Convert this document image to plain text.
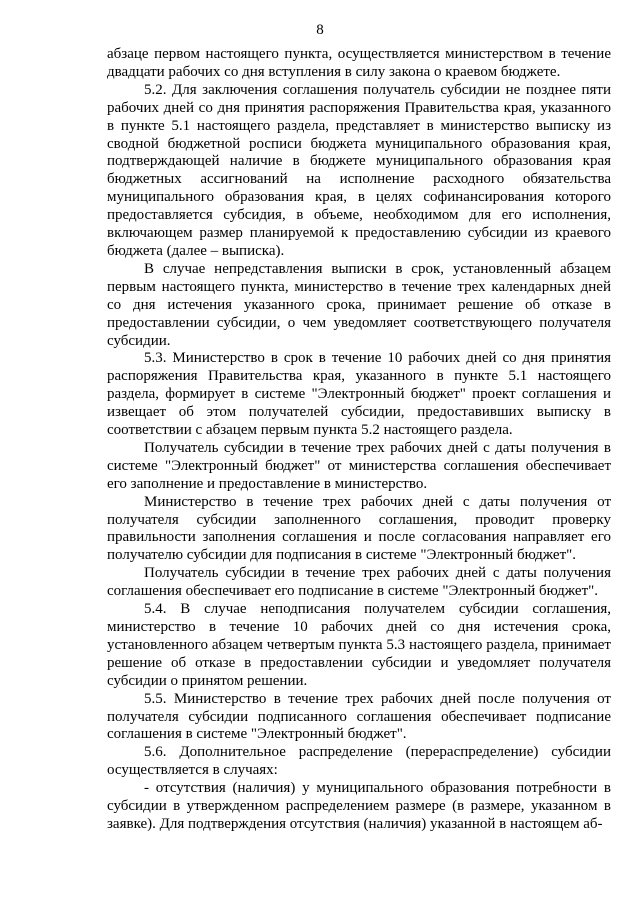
8

абзаце первом настоящего пункта, осуществляется министерством в течение двадцати рабочих со дня вступления в силу закона о краевом бюджете.

5.2. Для заключения соглашения получатель субсидии не позднее пяти рабочих дней со дня принятия распоряжения Правительства края, указанного в пункте 5.1 настоящего раздела, представляет в министерство выписку из сводной бюджетной росписи бюджета муниципального образования края, подтверждающей наличие в бюджете муниципального образования края бюджетных ассигнований на исполнение расходного обязательства муниципального образования края, в целях софинансирования которого предоставляется субсидия, в объеме, необходимом для его исполнения, включающем размер планируемой к предоставлению субсидии из краевого бюджета (далее – выписка).

В случае непредставления выписки в срок, установленный абзацем первым настоящего пункта, министерство в течение трех календарных дней со дня истечения указанного срока, принимает решение об отказе в предоставлении субсидии, о чем уведомляет соответствующего получателя субсидии.

5.3. Министерство в срок в течение 10 рабочих дней со дня принятия распоряжения Правительства края, указанного в пункте 5.1 настоящего раздела, формирует в системе "Электронный бюджет" проект соглашения и извещает об этом получателей субсидии, предоставивших выписку в соответствии с абзацем первым пункта 5.2 настоящего раздела.

Получатель субсидии в течение трех рабочих дней с даты получения в системе "Электронный бюджет" от министерства соглашения обеспечивает его заполнение и предоставление в министерство.

Министерство в течение трех рабочих дней с даты получения от получателя субсидии заполненного соглашения, проводит проверку правильности заполнения соглашения и после согласования направляет его получателю субсидии для подписания в системе "Электронный бюджет".

Получатель субсидии в течение трех рабочих дней с даты получения соглашения обеспечивает его подписание в системе "Электронный бюджет".

5.4. В случае неподписания получателем субсидии соглашения, министерство в течение 10 рабочих дней со дня истечения срока, установленного абзацем четвертым пункта 5.3 настоящего раздела, принимает решение об отказе в предоставлении субсидии и уведомляет получателя субсидии о принятом решении.

5.5. Министерство в течение трех рабочих дней после получения от получателя субсидии подписанного соглашения обеспечивает подписание соглашения в системе "Электронный бюджет".

5.6. Дополнительное распределение (перераспределение) субсидии осуществляется в случаях:

- отсутствия (наличия) у муниципального образования потребности в субсидии в утвержденном распределением размере (в размере, указанном в заявке). Для подтверждения отсутствия (наличия) указанной в настоящем аб-
